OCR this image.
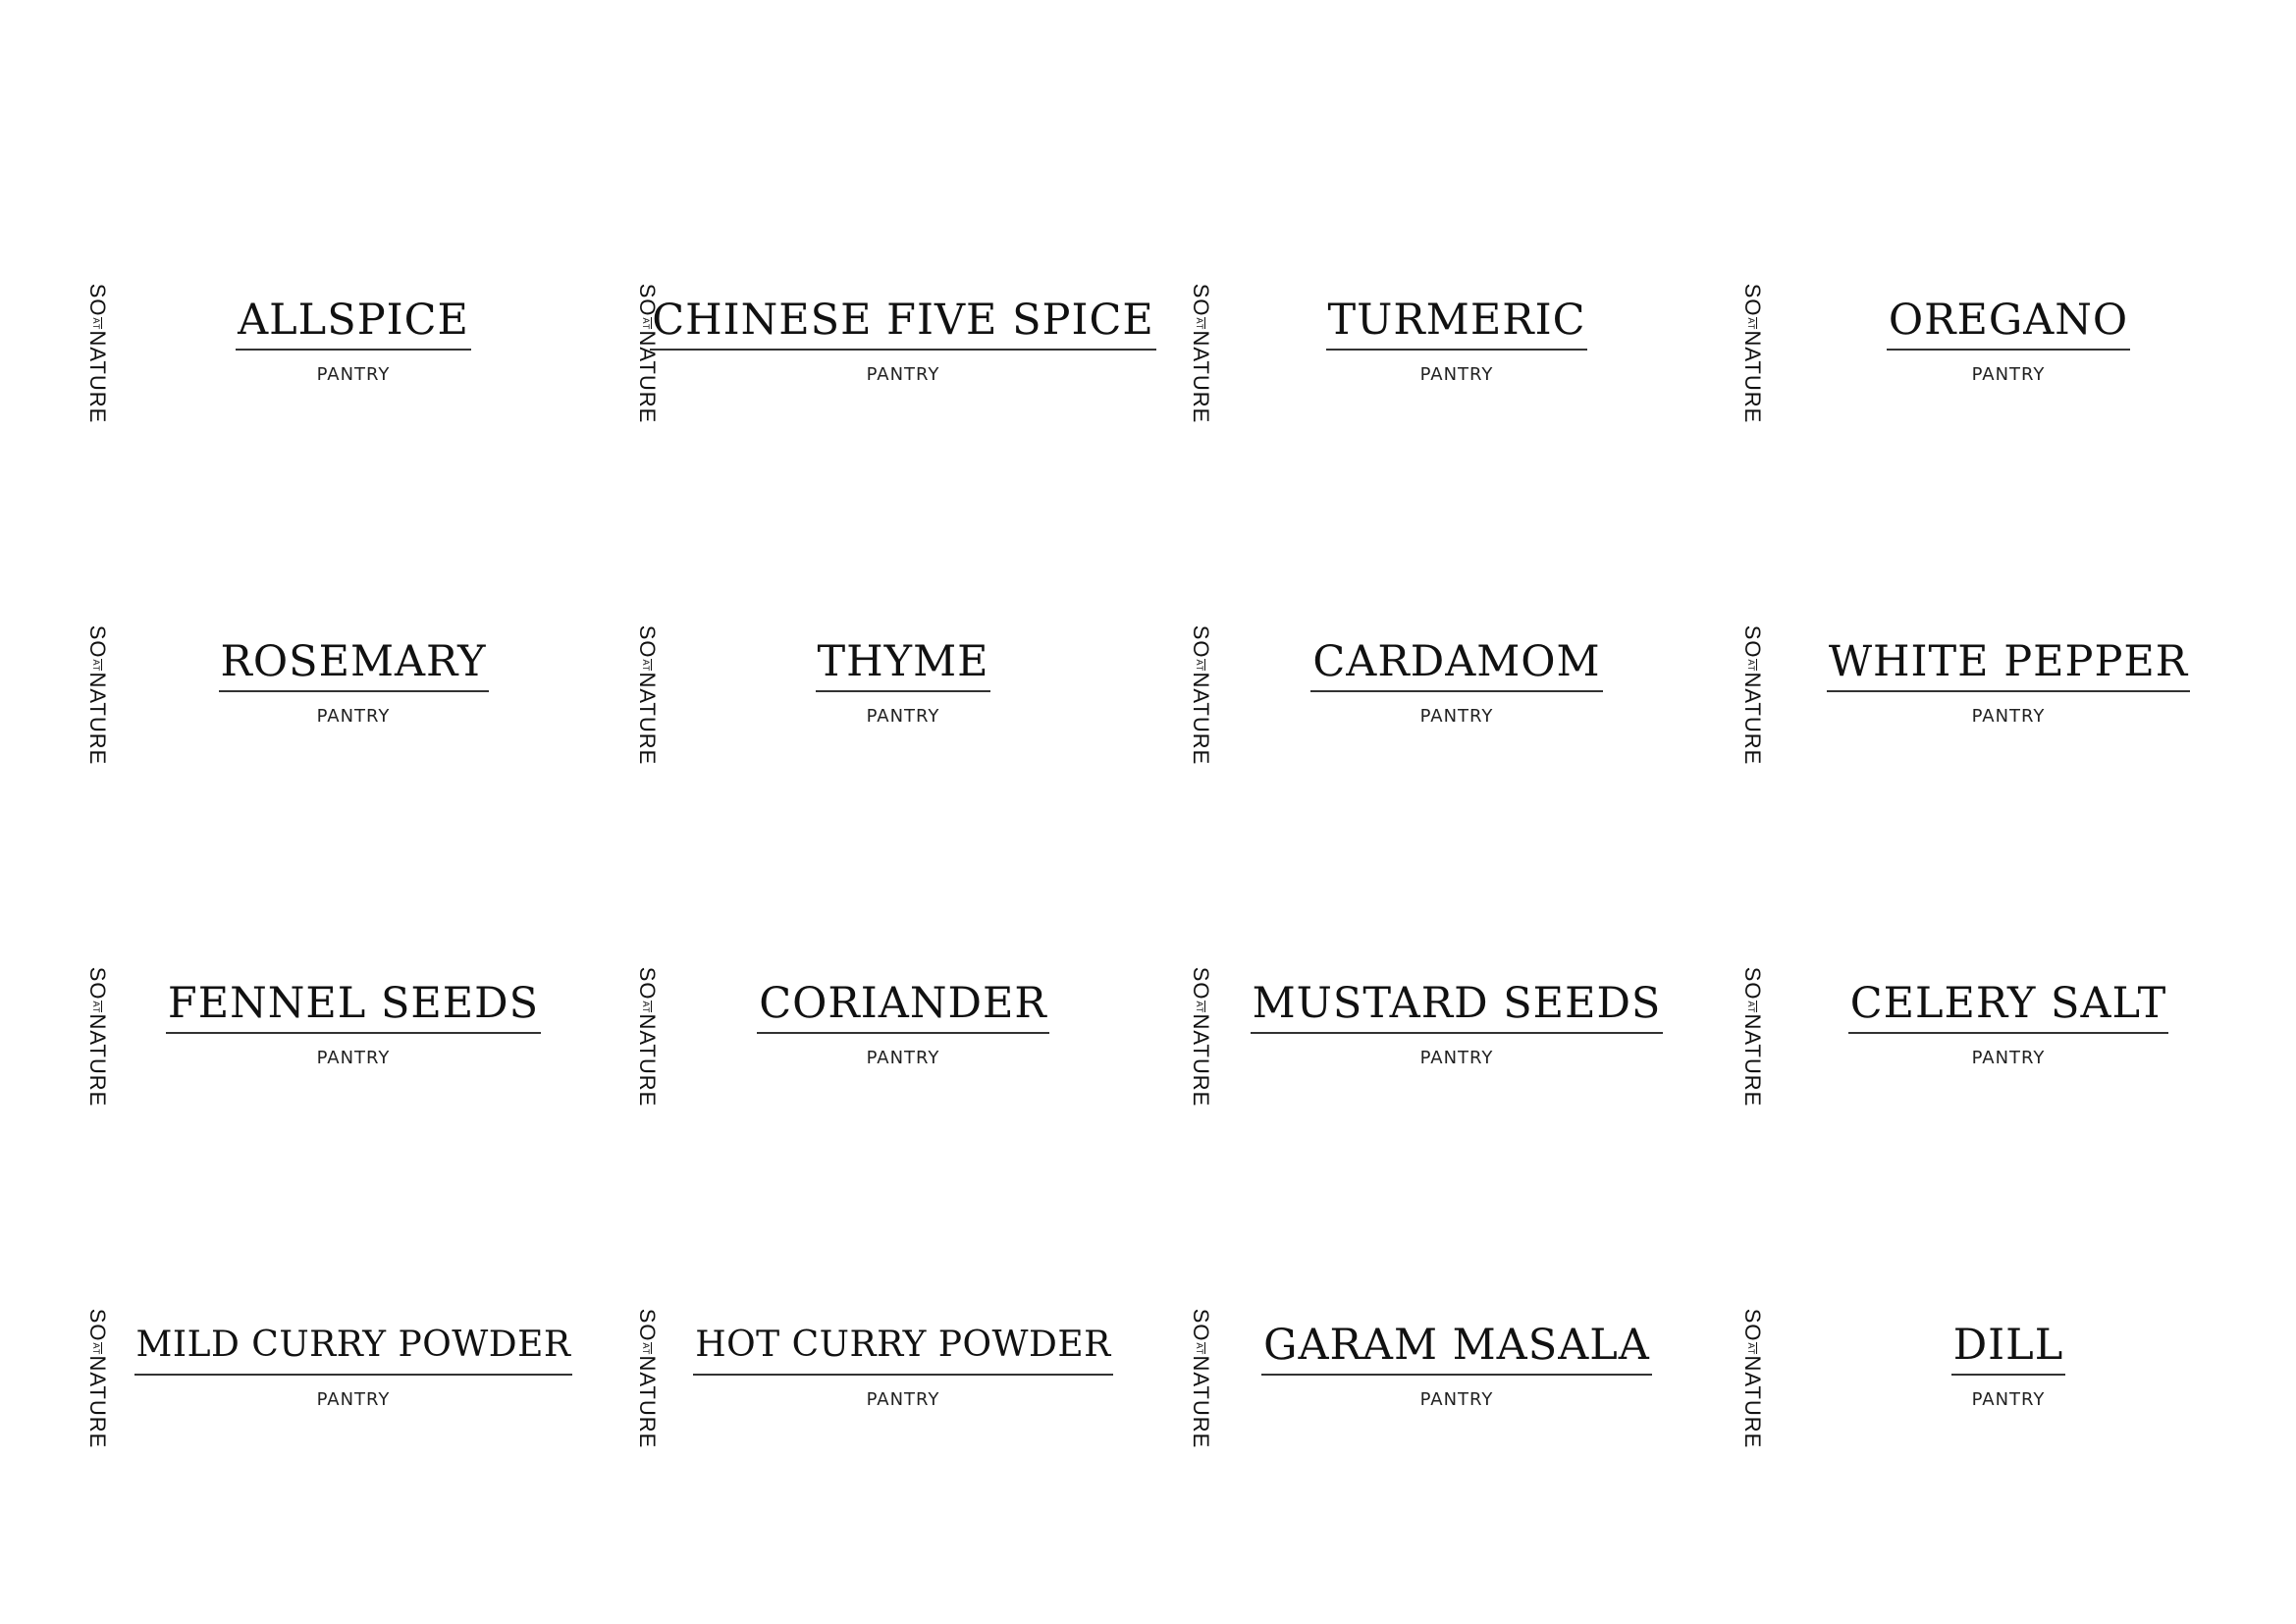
SO
AT
NATURE
ALLSPICE
PANTRY
SO
AT
NATURE
CHINESE FIVE SPICE
PANTRY
SO
AT
NATURE
TURMERIC
PANTRY
SO
AT
NATURE
OREGANO
PANTRY
SO
AT
NATURE
ROSEMARY
PANTRY
SO
AT
NATURE
THYME
PANTRY
SO
AT
NATURE
CARDAMOM
PANTRY
SO
AT
NATURE
WHITE PEPPER
PANTRY
SO
AT
NATURE
FENNEL SEEDS
PANTRY
SO
AT
NATURE
CORIANDER
PANTRY
SO
AT
NATURE
MUSTARD SEEDS
PANTRY
SO
AT
NATURE
CELERY SALT
PANTRY
SO
AT
NATURE
MILD CURRY POWDER
PANTRY
SO
AT
NATURE
HOT CURRY POWDER
PANTRY
SO
AT
NATURE
GARAM MASALA
PANTRY
SO
AT
NATURE
DILL
PANTRY
